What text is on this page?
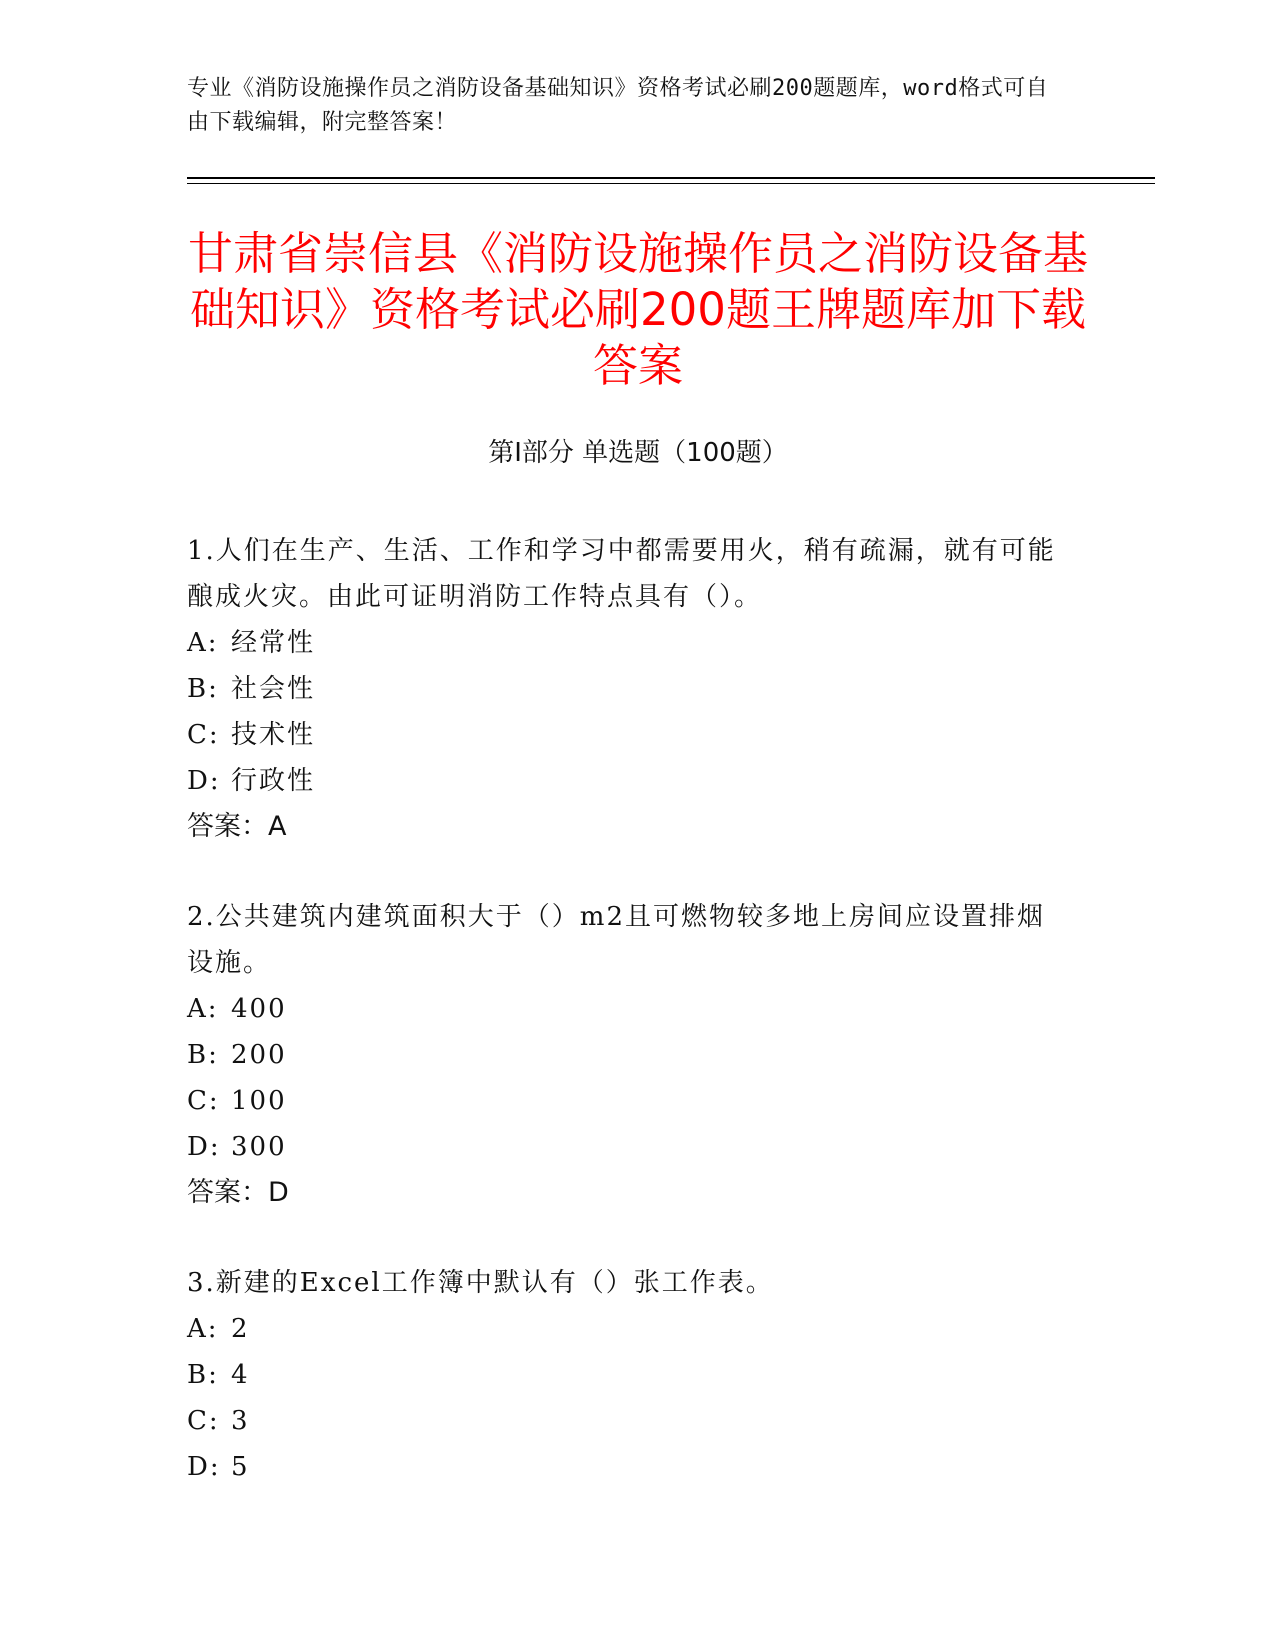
专业《消防设施操作员之消防设备基础知识》资格考试必刷200题题库，word格式可自由下载编辑，附完整答案！
甘肃省崇信县《消防设施操作员之消防设备基础知识》资格考试必刷200题王牌题库加下载答案
第I部分 单选题（100题）
1.人们在生产、生活、工作和学习中都需要用火，稍有疏漏，就有可能酿成火灾。由此可证明消防工作特点具有（）。
A: 经常性
B: 社会性
C: 技术性
D: 行政性
答案：A
2.公共建筑内建筑面积大于（）m2且可燃物较多地上房间应设置排烟设施。
A: 400
B: 200
C: 100
D: 300
答案：D
3.新建的Excel工作簿中默认有（）张工作表。
A: 2
B: 4
C: 3
D: 5
